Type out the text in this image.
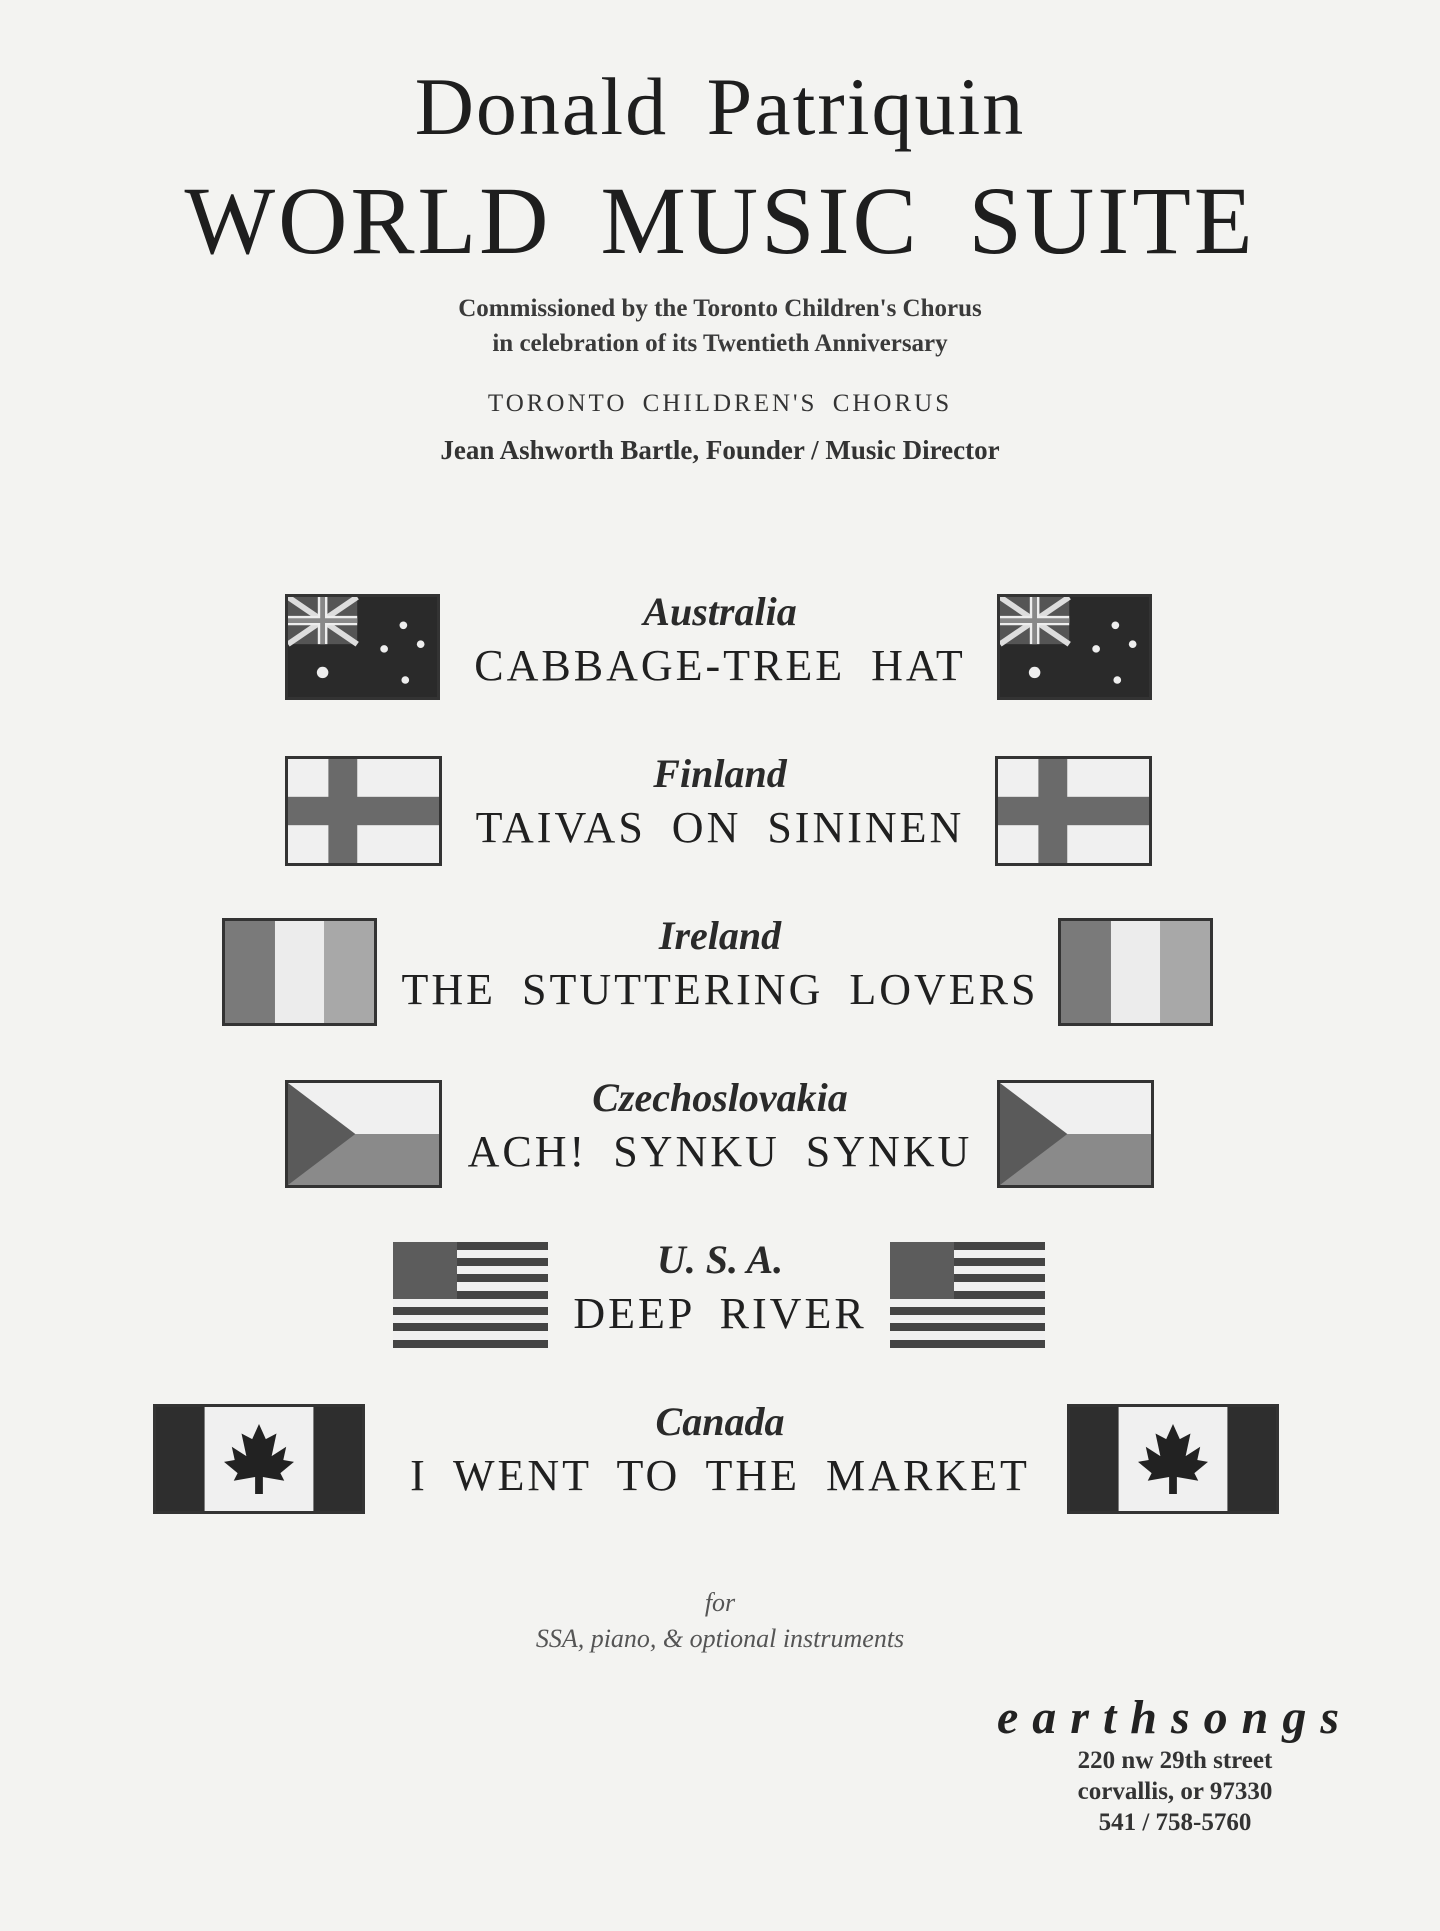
Donald Patriquin
WORLD MUSIC SUITE
Commissioned by the Toronto Children's Chorus
in celebration of its Twentieth Anniversary
TORONTO CHILDREN'S CHORUS
Jean Ashworth Bartle, Founder / Music Director
Australia
CABBAGE-TREE HAT
Finland
TAIVAS ON SININEN
Ireland
THE STUTTERING LOVERS
Czechoslovakia
ACH! SYNKU SYNKU
U. S. A.
DEEP RIVER
Canada
I WENT TO THE MARKET
for
SSA, piano, & optional instruments
earthsongs
220 nw 29th street
corvallis, or 97330
541 / 758-5760
